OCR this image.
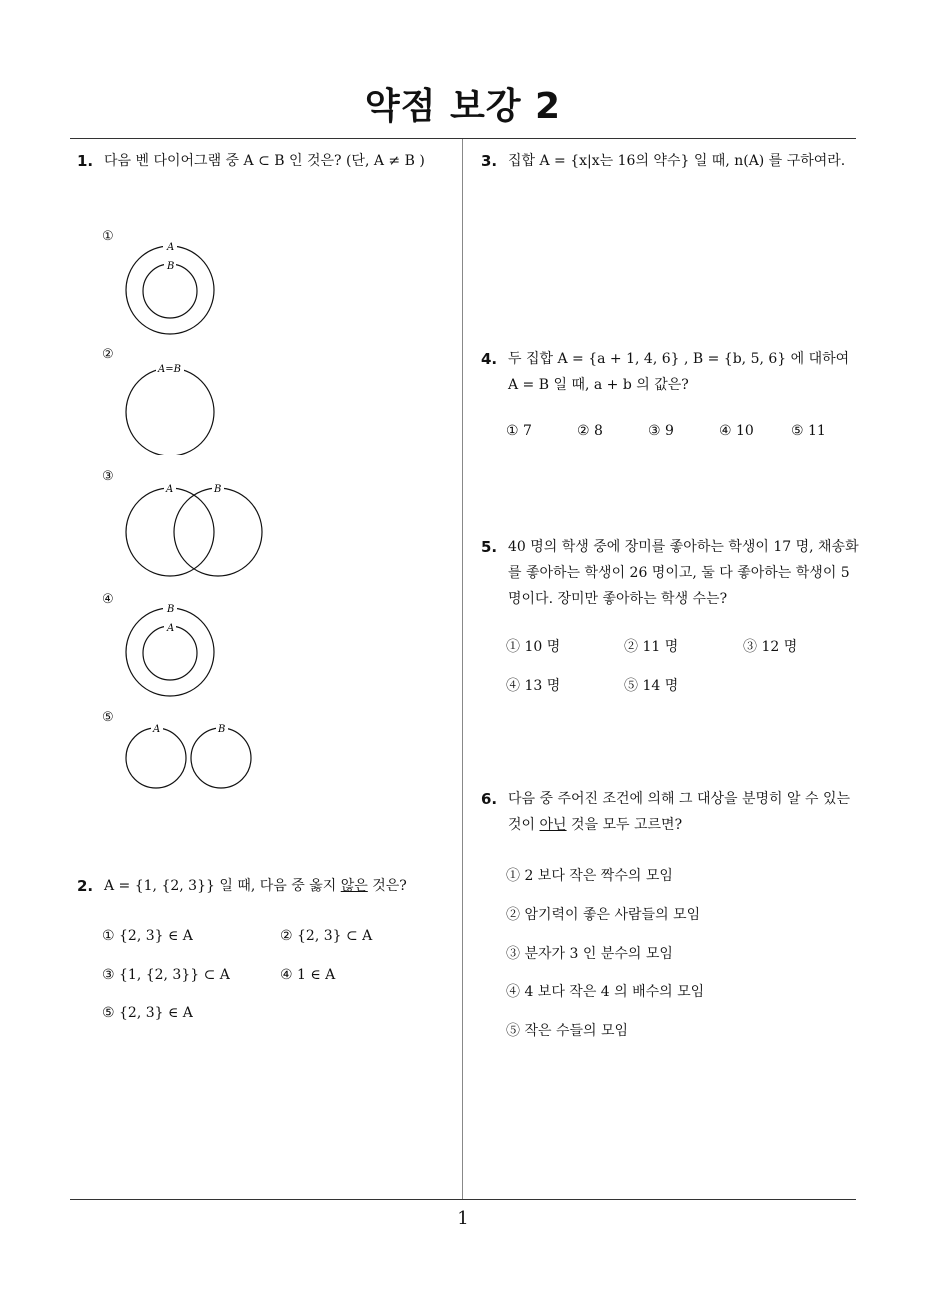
약점 보강 2
1
1. 다음 벤 다이어그램 중 A ⊂ B 인 것은? (단, A ≠ B )
①
A
B
②
A=B
③
A	B
④
B
A
⑤
A	B
2. A = {1, {2, 3}} 일 때, 다음 중 옳지 않은 것은?
① {2, 3} ∈ A	② {2, 3} ⊂ A
③ {1, {2, 3}} ⊂ A	④ 1 ∈ A
⑤ {2, 3} ∈ A
3. 집합 A = {x|x는 16의 약수} 일 때, n(A) 를 구하여라.
4. 두 집합 A = {a + 1, 4, 6} , B = {b, 5, 6} 에 대하여 A = B 일 때, a + b 의 값은?
① 7	② 8	③ 9	④ 10	⑤ 11
5. 40 명의 학생 중에 장미를 좋아하는 학생이 17 명, 채송화를 좋아하는 학생이 26 명이고, 둘 다 좋아하는 학생이 5 명이다. 장미만 좋아하는 학생 수는?
① 10 명	② 11 명	③ 12 명
④ 13 명	⑤ 14 명
6. 다음 중 주어진 조건에 의해 그 대상을 분명히 알 수 있는 것이 아닌 것을 모두 고르면?
① 2 보다 작은 짝수의 모임
② 암기력이 좋은 사람들의 모임
③ 분자가 3 인 분수의 모임
④ 4 보다 작은 4 의 배수의 모임
⑤ 작은 수들의 모임
